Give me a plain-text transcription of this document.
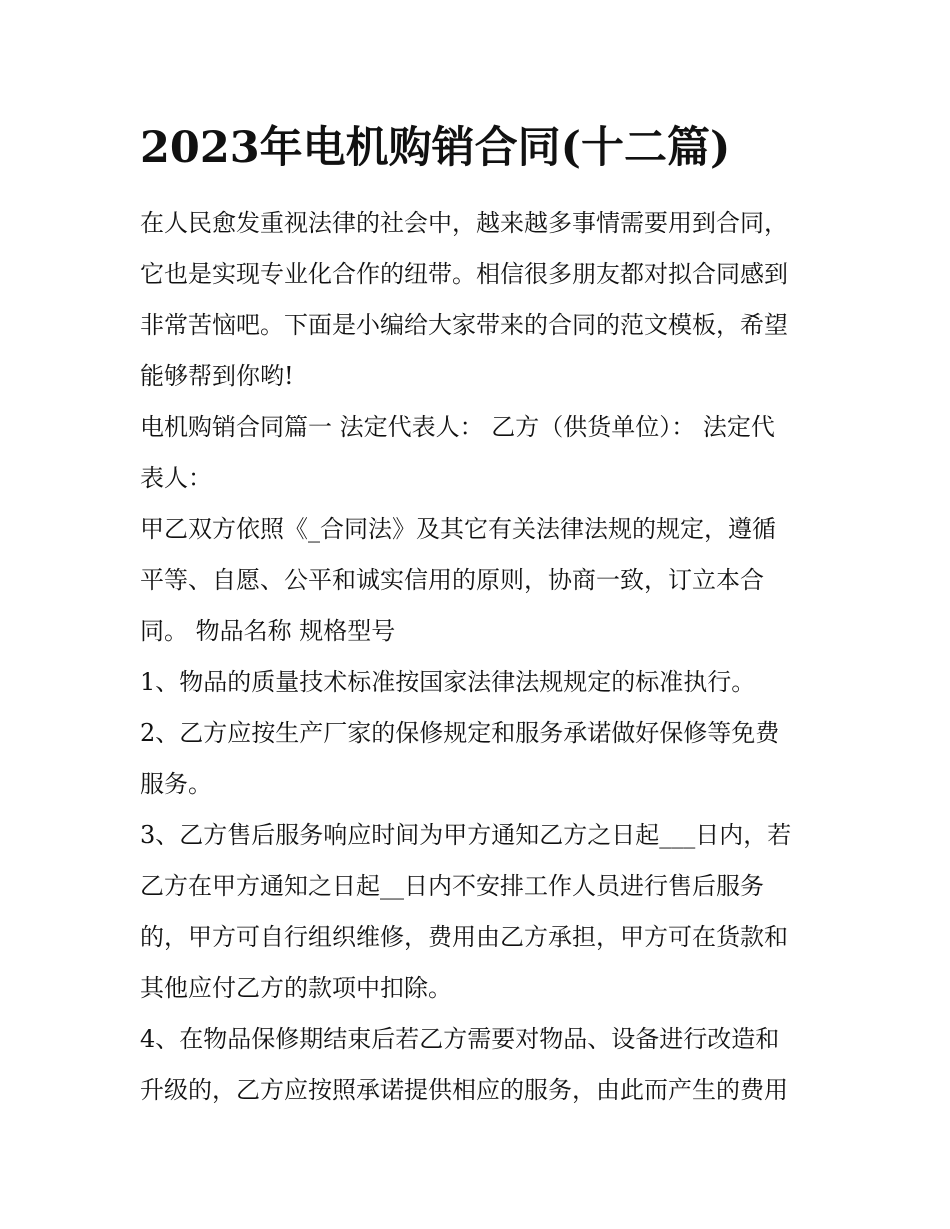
2023年电机购销合同(十二篇)
在人民愈发重视法律的社会中，越来越多事情需要用到合同，
它也是实现专业化合作的纽带。相信很多朋友都对拟合同感到
非常苦恼吧。下面是小编给大家带来的合同的范文模板，希望
能够帮到你哟!
电机购销合同篇一 法定代表人： 乙方（供货单位）： 法定代
表人：
甲乙双方依照《_合同法》及其它有关法律法规的规定，遵循
平等、自愿、公平和诚实信用的原则，协商一致，订立本合
同。 物品名称 规格型号
1、物品的质量技术标准按国家法律法规规定的标准执行。
2、乙方应按生产厂家的保修规定和服务承诺做好保修等免费
服务。
3、乙方售后服务响应时间为甲方通知乙方之日起___日内，若
乙方在甲方通知之日起__日内不安排工作人员进行售后服务
的，甲方可自行组织维修，费用由乙方承担，甲方可在货款和
其他应付乙方的款项中扣除。
4、在物品保修期结束后若乙方需要对物品、设备进行改造和
升级的，乙方应按照承诺提供相应的服务，由此而产生的费用
